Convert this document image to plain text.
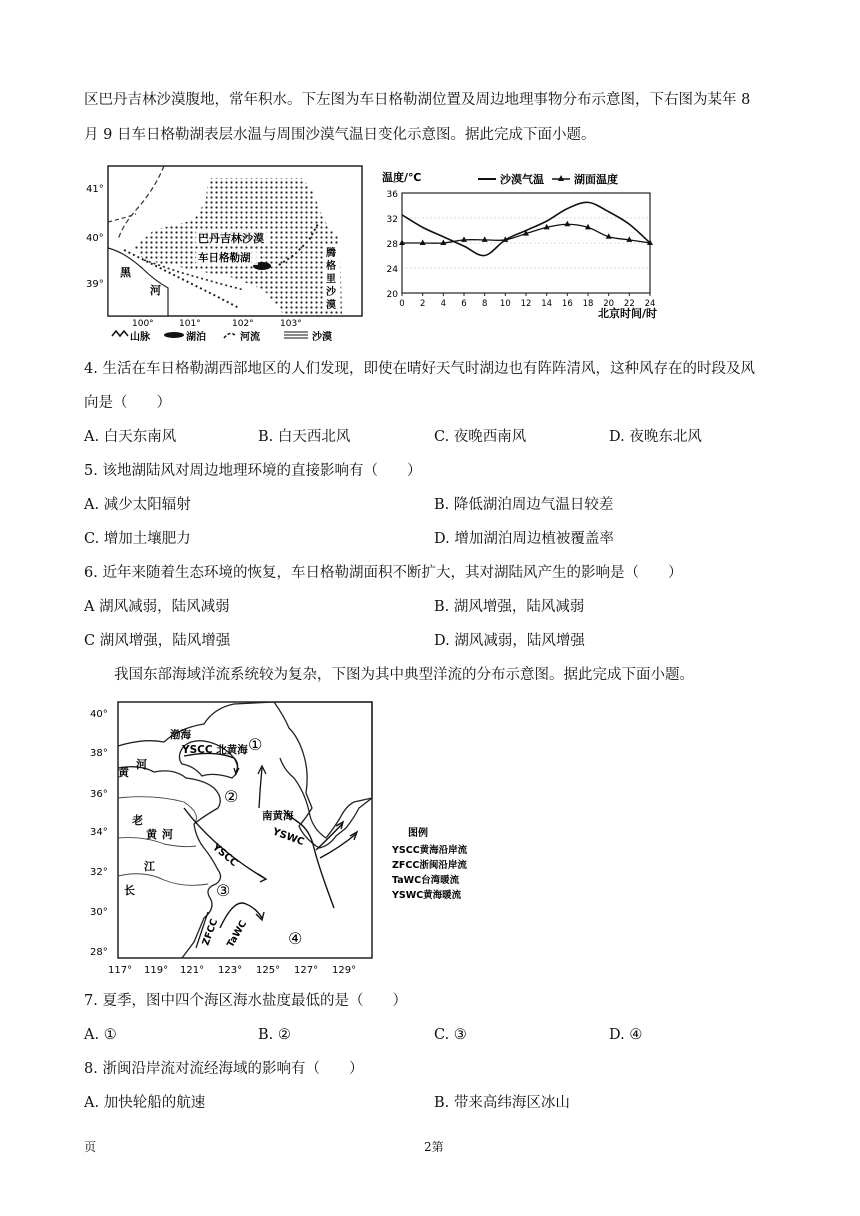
区巴丹吉林沙漠腹地，常年积水。下左图为车日格勒湖位置及周边地理事物分布示意图，下右图为某年 8
月 9 日车日格勒湖表层水温与周围沙漠气温日变化示意图。据此完成下面小题。
41°
40°
39°
巴丹吉林沙漠
车日格勒湖
黑
河
腾
格
里
沙
漠
100°	101°	102°	103°
山脉	湖泊	河流	沙漠
温度/℃	沙漠气温	湖面温度
36
32
28
24
20
0 2 4 6 8 10 12 14 16 18 20 22 24
北京时间/时
4. 生活在车日格勒湖西部地区的人们发现，即使在晴好天气时湖边也有阵阵清风，这种风存在的时段及风
向是（　　）
A. 白天东南风	B. 白天西北风	C. 夜晚西南风	D. 夜晚东北风
5. 该地湖陆风对周边地理环境的直接影响有（　　）
A. 减少太阳辐射	B. 降低湖泊周边气温日较差
C. 增加土壤肥力	D. 增加湖泊周边植被覆盖率
6. 近年来随着生态环境的恢复，车日格勒湖面积不断扩大，其对湖陆风产生的影响是（　　）
A 湖风减弱，陆风减弱	B. 湖风增强，陆风减弱
C 湖风增强，陆风增强	D. 湖风减弱，陆风增强
我国东部海域洋流系统较为复杂，下图为其中典型洋流的分布示意图。据此完成下面小题。
40°
38°
36°
34°
32°
30°
28°
渤海
YSCC 北黄海
南黄海
河
黄
老
黄 河
江
长
YSCC
YSWC
TaWC
ZFCC
①
②
③
④
117° 119° 121° 123° 125° 127° 129°
图例
YSCC黄海沿岸流
ZFCC浙闽沿岸流
TaWC台湾暖流
YSWC黄海暖流
7. 夏季，图中四个海区海水盐度最低的是（　　）
A. ①	B. ②	C. ③	D. ④
8. 浙闽沿岸流对流经海域的影响有（　　）
A. 加快轮船的航速	B. 带来高纬海区冰山
页	2第
